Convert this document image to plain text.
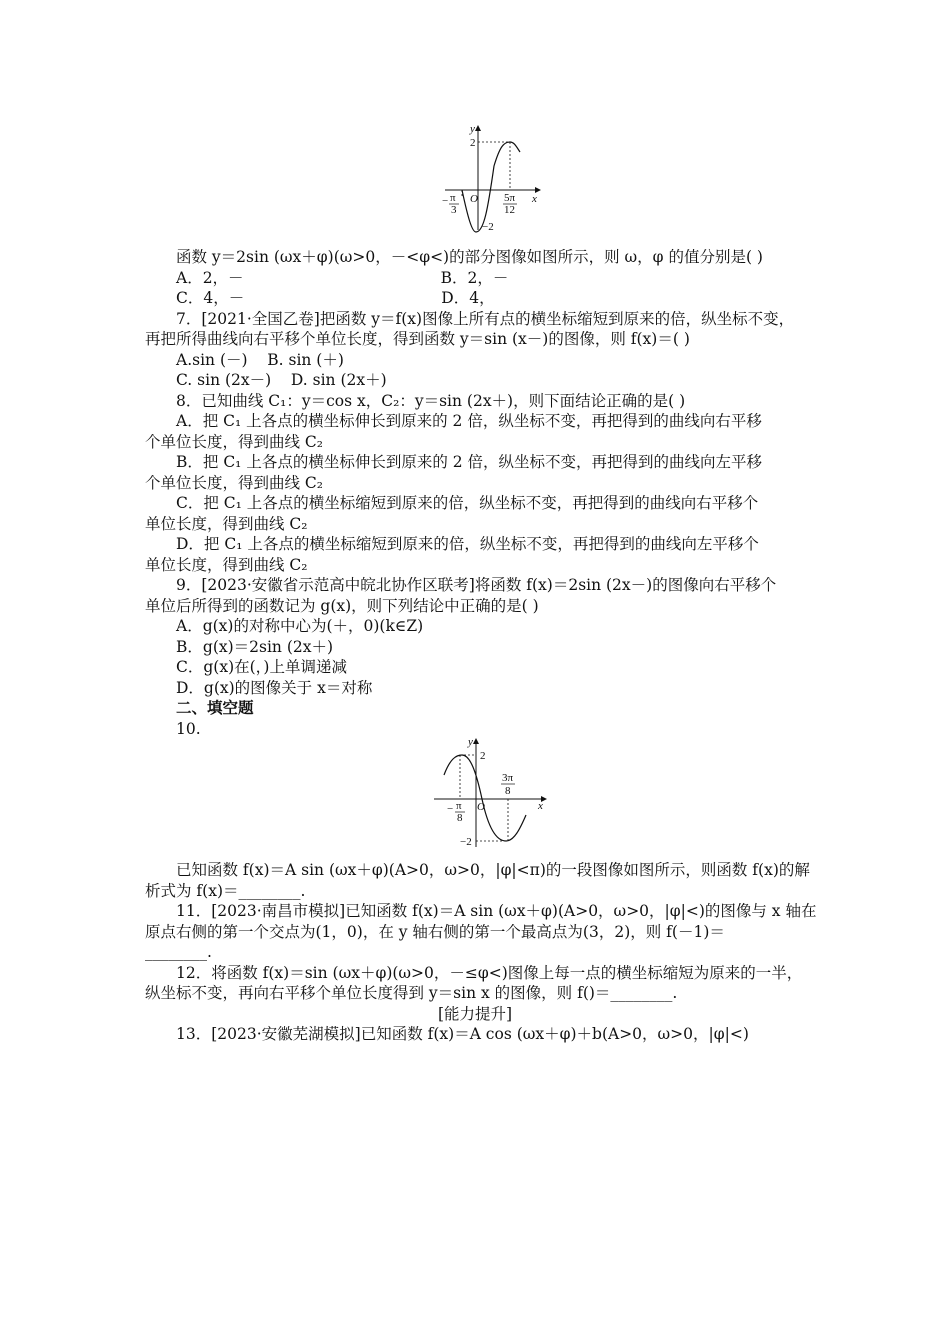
y
x
O
2
−2
− π
3
5π
12
函数 y＝2sin (ωx＋φ)(ω>0，－<φ<)的部分图像如图所示，则 ω，φ 的值分别是( )
A．2，－                                        B．2，－
C．4，－                                        D．4，
7．[2021·全国乙卷]把函数 y＝f(x)图像上所有点的横坐标缩短到原来的倍，纵坐标不变，
再把所得曲线向右平移个单位长度，得到函数 y＝sin (x－)的图像，则 f(x)＝( )
A.sin (－)    B. sin (＋)
C. sin (2x－)    D. sin (2x＋)
8．已知曲线 C₁：y＝cos x，C₂：y＝sin (2x＋)，则下面结论正确的是( )
A．把 C₁ 上各点的横坐标伸长到原来的 2 倍，纵坐标不变，再把得到的曲线向右平移
个单位长度，得到曲线 C₂
B．把 C₁ 上各点的横坐标伸长到原来的 2 倍，纵坐标不变，再把得到的曲线向左平移
个单位长度，得到曲线 C₂
C．把 C₁ 上各点的横坐标缩短到原来的倍，纵坐标不变，再把得到的曲线向右平移个
单位长度，得到曲线 C₂
D．把 C₁ 上各点的横坐标缩短到原来的倍，纵坐标不变，再把得到的曲线向左平移个
单位长度，得到曲线 C₂
9．[2023·安徽省示范高中皖北协作区联考]将函数 f(x)＝2sin (2x－)的图像向右平移个
单位后所得到的函数记为 g(x)，则下列结论中正确的是( )
A．g(x)的对称中心为(＋，0)(k∈Z)
B．g(x)＝2sin (2x＋)
C．g(x)在(，)上单调递减
D．g(x)的图像关于 x＝对称
二、填空题
10.
y
x
O
2
−2
− π
8
3π
8
已知函数 f(x)＝A sin (ωx＋φ)(A>0，ω>0，|φ|<π)的一段图像如图所示，则函数 f(x)的解
析式为 f(x)＝________.
11．[2023·南昌市模拟]已知函数 f(x)＝A sin (ωx＋φ)(A>0，ω>0，|φ|<)的图像与 x 轴在
原点右侧的第一个交点为(1，0)，在 y 轴右侧的第一个最高点为(3，2)，则 f(－1)＝
________.
12．将函数 f(x)＝sin (ωx＋φ)(ω>0，－≤φ<)图像上每一点的横坐标缩短为原来的一半，
纵坐标不变，再向右平移个单位长度得到 y＝sin x 的图像，则 f()＝________.
[能力提升]
13．[2023·安徽芜湖模拟]已知函数 f(x)＝A cos (ωx＋φ)＋b(A>0，ω>0，|φ|<)
